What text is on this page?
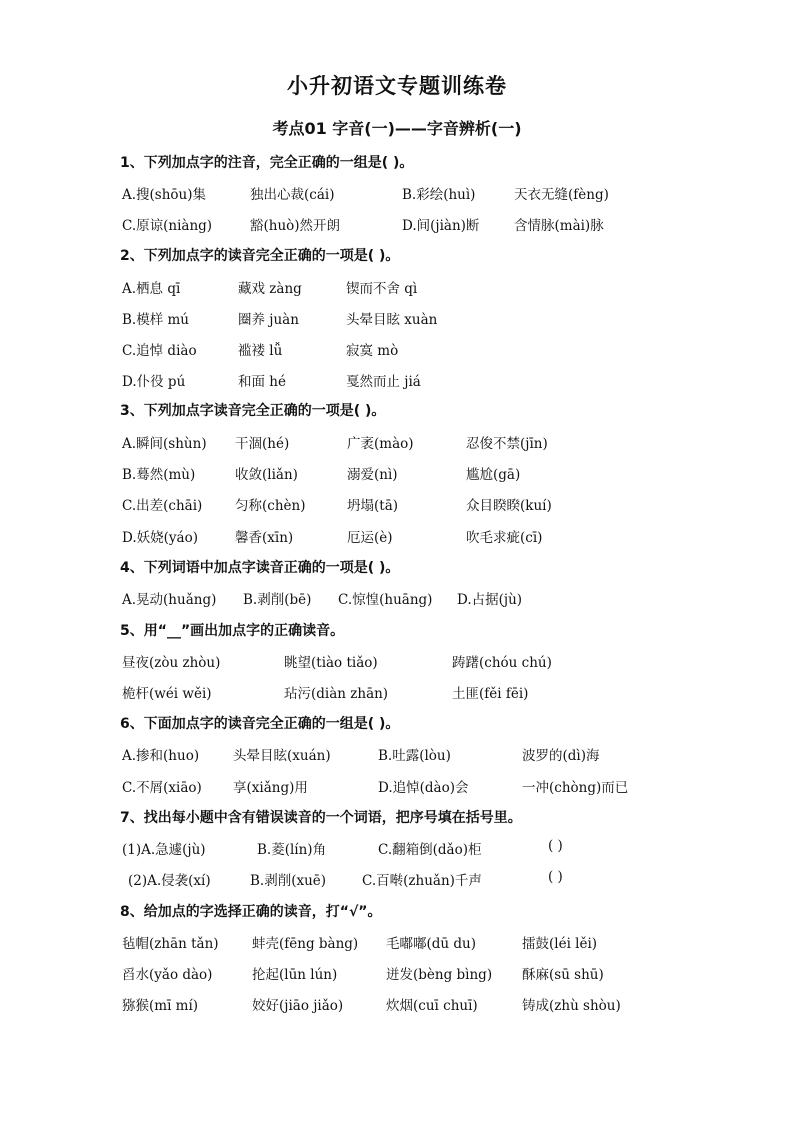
小升初语文专题训练卷
考点01 字音(一)——字音辨析(一)
1、下列加点字的注音，完全正确的一组是( )。
A.搜(shōu)集	独出心裁(cái)	B.彩绘(huì)	天衣无缝(fèng)
C.原谅(niàng)	豁(huò)然开朗	D.间(jiàn)断	含情脉(mài)脉
2、下列加点字的读音完全正确的一项是( )。
A.栖息 qī	藏戏 zàng	锲而不舍 qì
B.模样 mú	圈养 juàn	头晕目眩 xuàn
C.追悼 diào	褴褛 lǚ	寂寞 mò
D.仆役 pú	和面 hé	戛然而止 jiá
3、下列加点字读音完全正确的一项是( )。
A.瞬间(shùn) 干涸(hé)	广袤(mào)	忍俊不禁(jīn)
B.蓦然(mù)	收敛(liǎn)	溺爱(nì)	尴尬(gā)
C.出差(chāi) 匀称(chèn)	坍塌(tā)	众目睽睽(kuí)
D.妖娆(yáo)	馨香(xīn)	厄运(è)	吹毛求疵(cī)
4、下列词语中加点字读音正确的一项是( )。
A.晃动(huǎng) B.剥削(bē) C.惊惶(huāng) D.占据(jù)
5、用“__”画出加点字的正确读音。
昼夜(zòu zhòu)	眺望(tiào tiǎo)	踌躇(chóu chú)
桅杆(wéi wěi)	玷污(diàn zhān)	土匪(fěi fēi)
6、下面加点字的读音完全正确的一组是( )。
A.掺和(huo)	头晕目眩(xuán)	B.吐露(lòu)	波罗的(dì)海
C.不屑(xiāo) 享(xiǎng)用	D.追悼(dào)会	一冲(chòng)而已
7、找出每小题中含有错误读音的一个词语，把序号填在括号里。
(1)A.急遽(jù)	B.菱(lín)角	C.翻箱倒(dǎo)柜	( )
(2)A.侵袭(xí)	B.剥削(xuē)	C.百啭(zhuǎn)千声	( )
8、给加点的字选择正确的读音，打“√”。
毡帽(zhān tǎn) 蚌壳(fēng bàng) 毛嘟嘟(dū du)	擂鼓(léi lěi)
舀水(yǎo dào)	抡起(lūn lún)	迸发(bèng bìng) 酥麻(sū shū)
猕猴(mī mí)	姣好(jiāo jiǎo)	炊烟(cuī chuī)	铸成(zhù shòu)
